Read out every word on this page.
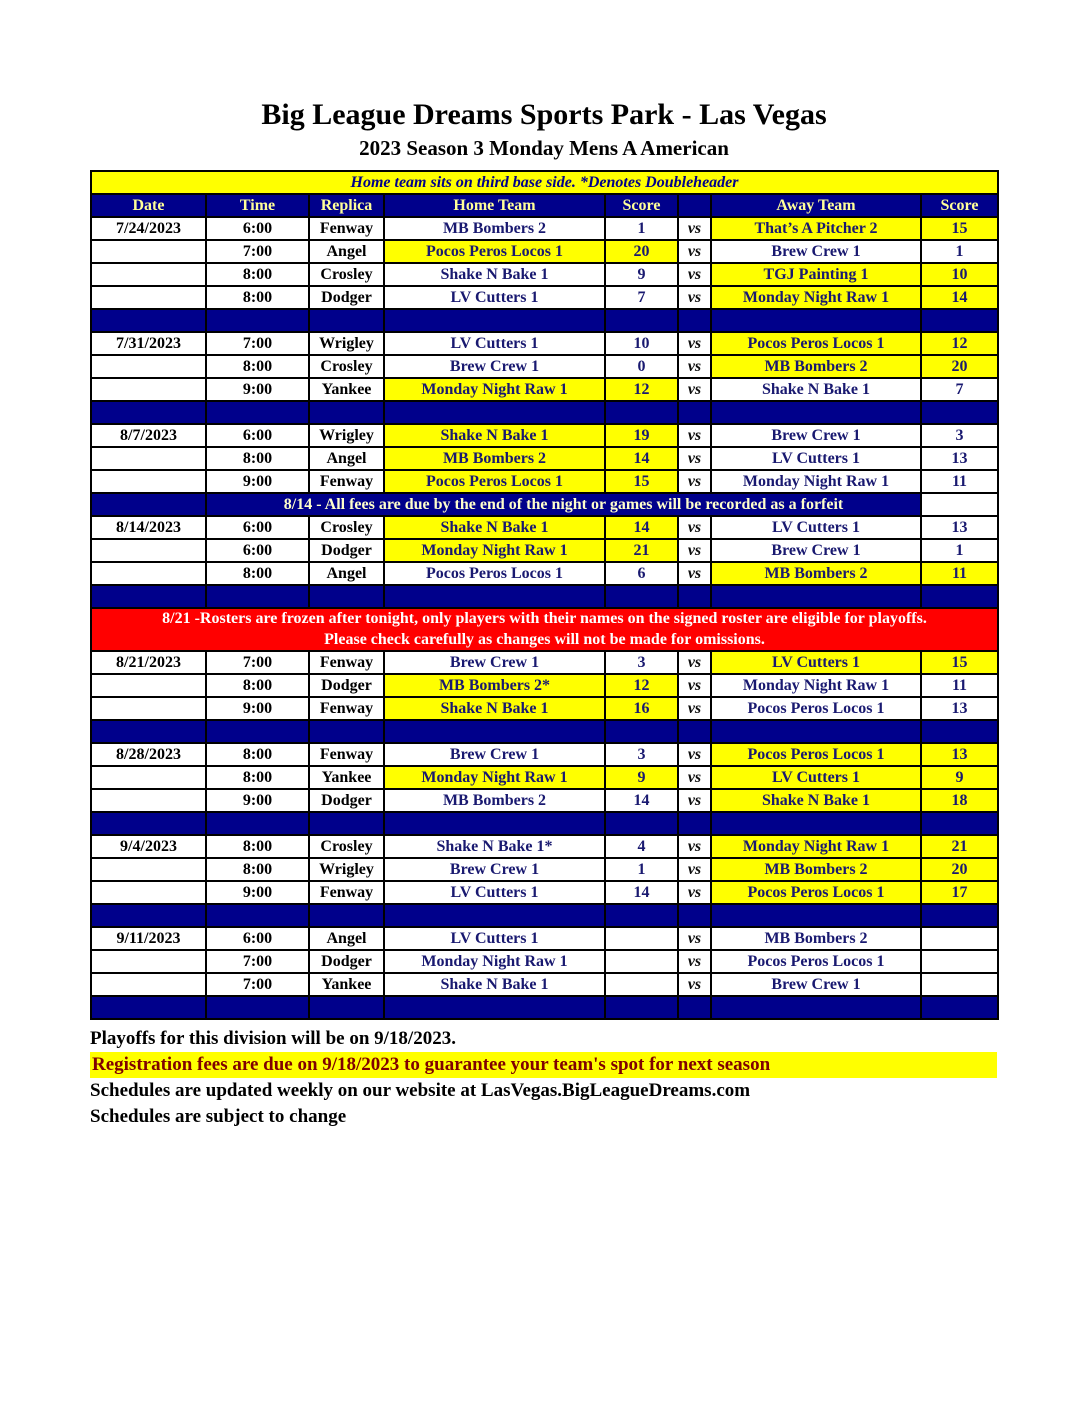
Big League Dreams Sports Park - Las Vegas
2023 Season 3 Monday Mens A American
Home team sits on third base side. *Denotes Doubleheader							
Date	Time	Replica	Home Team	Score		Away Team	Score
7/24/2023	6:00	Fenway	MB Bombers 2	1	vs	That’s A Pitcher 2	15
	7:00	Angel	Pocos Peros Locos 1	20	vs	Brew Crew 1	1
	8:00	Crosley	Shake N Bake 1	9	vs	TGJ Painting 1	10
	8:00	Dodger	LV Cutters 1	7	vs	Monday Night Raw 1	14

7/31/2023	7:00	Wrigley	LV Cutters 1	10	vs	Pocos Peros Locos 1	12
	8:00	Crosley	Brew Crew 1	0	vs	MB Bombers 2	20
	9:00	Yankee	Monday Night Raw 1	12	vs	Shake N Bake 1	7

8/7/2023	6:00	Wrigley	Shake N Bake 1	19	vs	Brew Crew 1	3
	8:00	Angel	MB Bombers 2	14	vs	LV Cutters 1	13
	9:00	Fenway	Pocos Peros Locos 1	15	vs	Monday Night Raw 1	11
	8/14 - All fees are due by the end of the night or games will be recorded as a forfeit						
8/14/2023	6:00	Crosley	Shake N Bake 1	14	vs	LV Cutters 1	13
	6:00	Dodger	Monday Night Raw 1	21	vs	Brew Crew 1	1
	8:00	Angel	Pocos Peros Locos 1	6	vs	MB Bombers 2	11

8/21 -Rosters are frozen after tonight, only players with their names on the signed roster are eligible for playoffs.
Please check carefully as changes will not be made for omissions.							

8/21/2023	7:00	Fenway	Brew Crew 1	3	vs	LV Cutters 1	15
	8:00	Dodger	MB Bombers 2*	12	vs	Monday Night Raw 1	11
	9:00	Fenway	Shake N Bake 1	16	vs	Pocos Peros Locos 1	13

8/28/2023	8:00	Fenway	Brew Crew 1	3	vs	Pocos Peros Locos 1	13
	8:00	Yankee	Monday Night Raw 1	9	vs	LV Cutters 1	9
	9:00	Dodger	MB Bombers 2	14	vs	Shake N Bake 1	18

9/4/2023	8:00	Crosley	Shake N Bake 1*	4	vs	Monday Night Raw 1	21
	8:00	Wrigley	Brew Crew 1	1	vs	MB Bombers 2	20
	9:00	Fenway	LV Cutters 1	14	vs	Pocos Peros Locos 1	17

9/11/2023	6:00	Angel	LV Cutters 1		vs	MB Bombers 2	
	7:00	Dodger	Monday Night Raw 1		vs	Pocos Peros Locos 1	
	7:00	Yankee	Shake N Bake 1		vs	Brew Crew 1	

Playoffs for this division will be on 9/18/2023.
Registration fees are due on 9/18/2023 to guarantee your team's spot for next season
Schedules are updated weekly on our website at LasVegas.BigLeagueDreams.com
Schedules are subject to change
